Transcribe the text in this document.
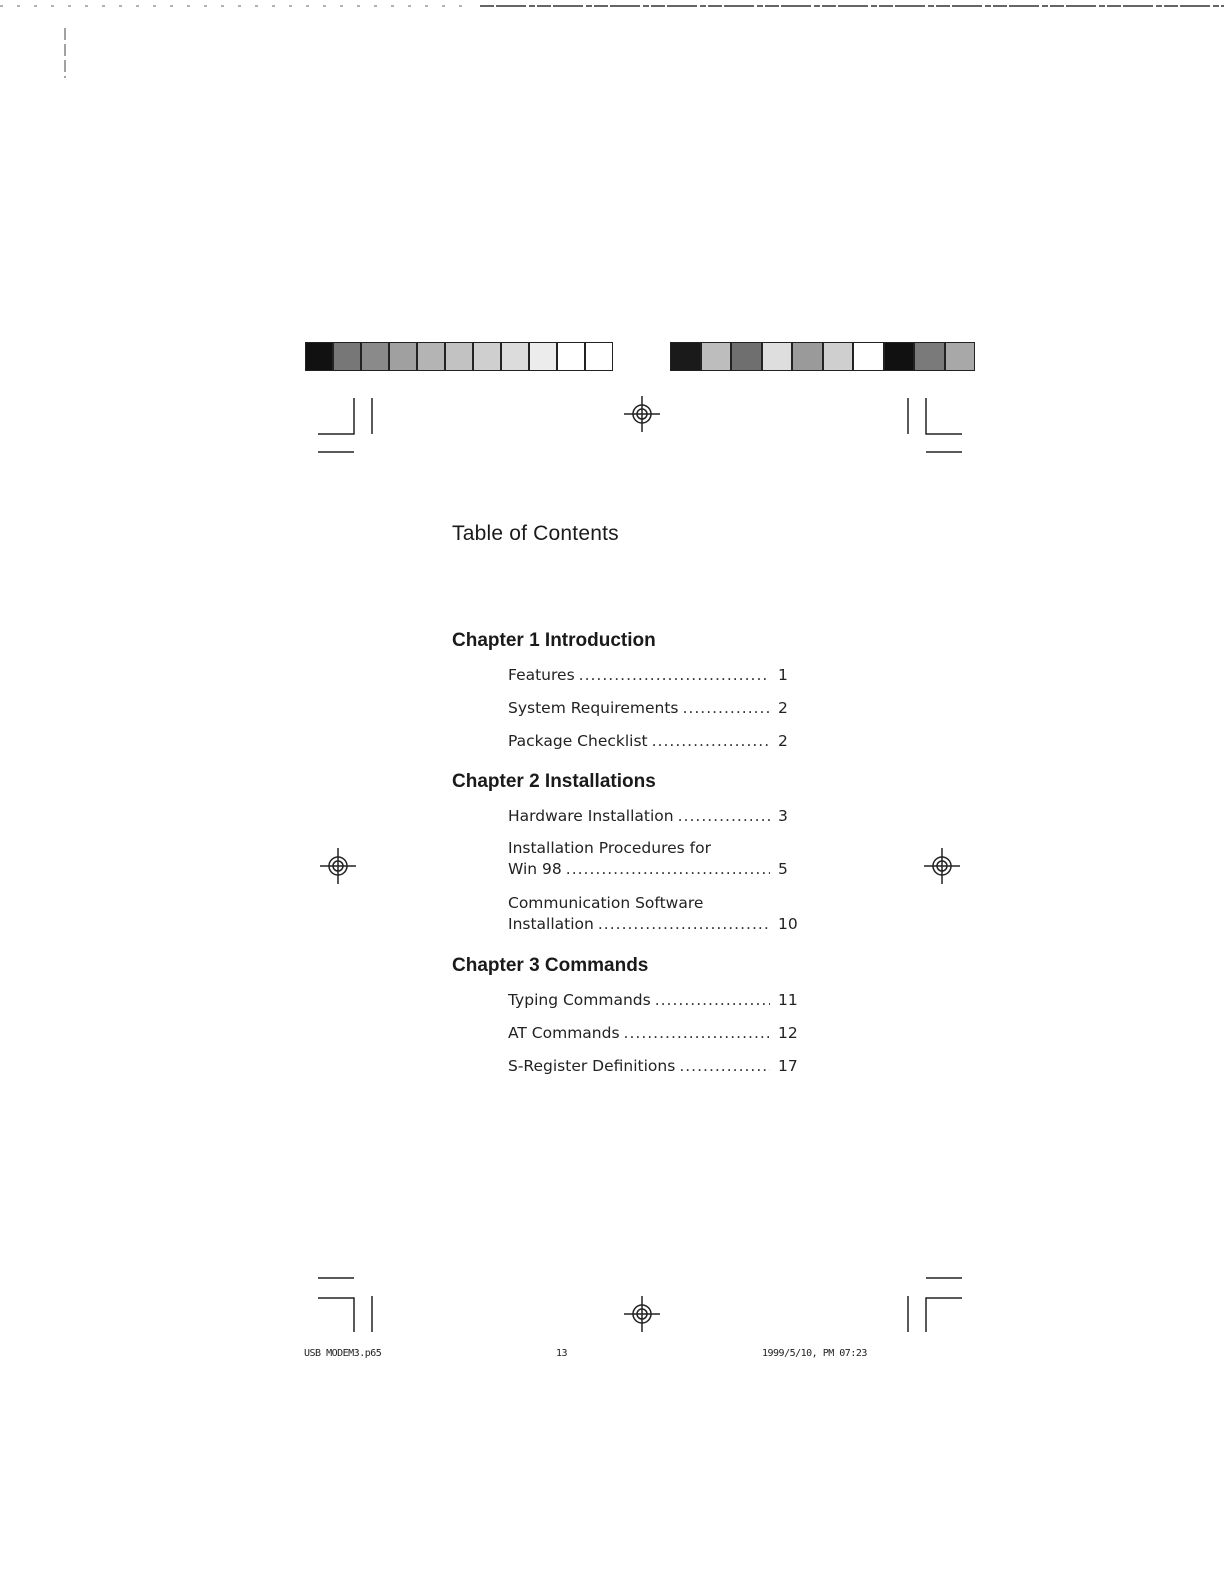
Table of Contents
Chapter 1 Introduction
Features .....	1
System Requirements .....	2
Package Checklist .....	2
Chapter 2 Installations
Hardware Installation .....	3
Installation Procedures for
Win 98 .....	5
Communication Software
Installation .....	10
Chapter 3 Commands
Typing Commands .....	11
AT Commands .....	12
S-Register Definitions .....	17
USB MODEM3.p65	13	1999/5/10, PM 07:23
